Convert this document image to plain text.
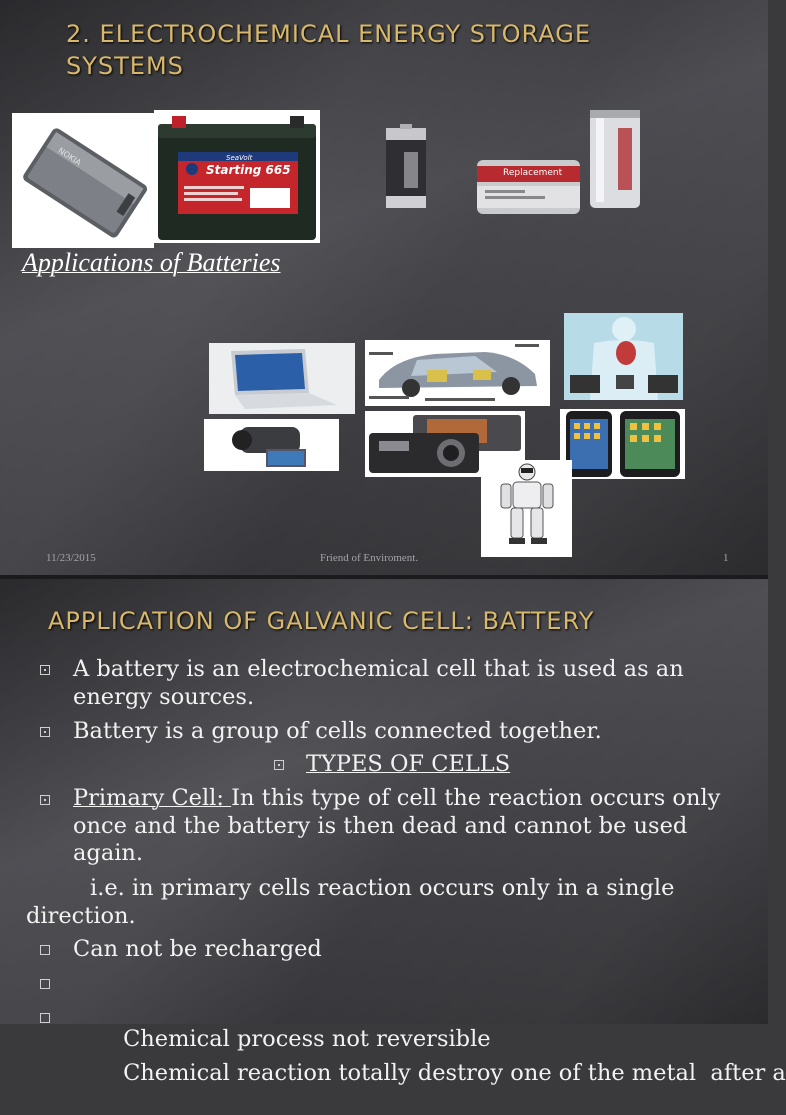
2. ELECTROCHEMICAL ENERGY STORAGE SYSTEMS
NOKIA	SeaVolt
Starting 665	Replacement
Applications of Batteries
11/23/2015	Friend of Enviroment.	1
APPLICATION OF GALVANIC CELL: BATTERY
A battery is an electrochemical cell that is used as an energy sources.
Battery is a group of cells connected together.
TYPES OF CELLS
Primary Cell: In this type of cell the reaction occurs only once and the battery is then dead and cannot be used again.
i.e. in primary cells reaction occurs only in a single direction.
Can not be recharged

Chemical process not reversible

Chemical reaction totally destroy one of the metal  after a
